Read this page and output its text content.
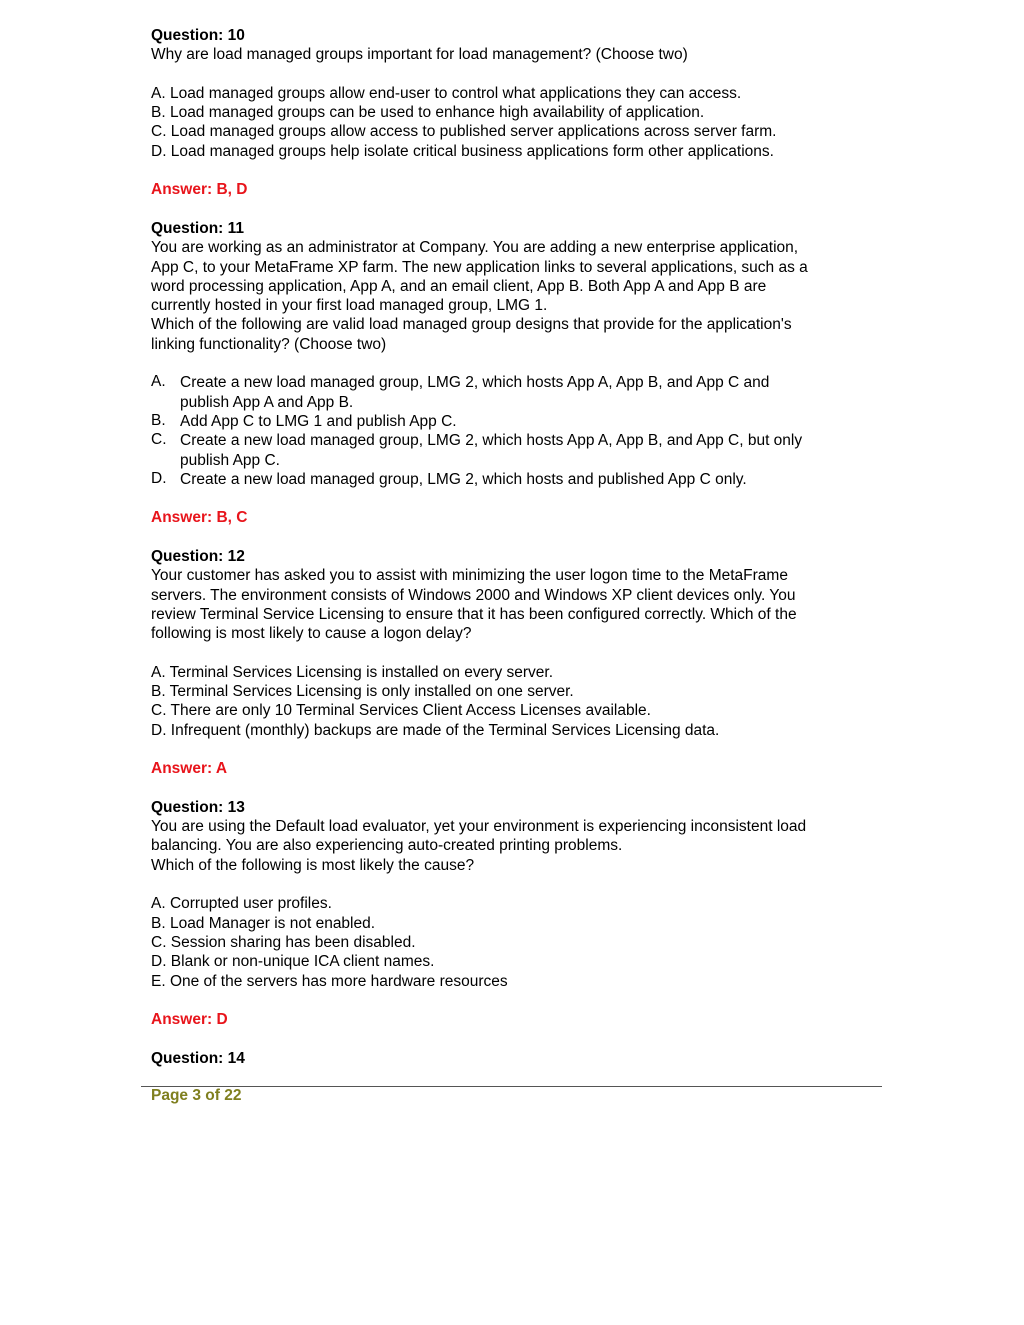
Question: 10
Why are load managed groups important for load management? (Choose two)
A. Load managed groups allow end-user to control what applications they can access.
B. Load managed groups can be used to enhance high availability of application.
C. Load managed groups allow access to published server applications across server farm.
D. Load managed groups help isolate critical business applications form other applications.
Answer: B, D
Question: 11
You are working as an administrator at Company. You are adding a new enterprise application,
App C, to your MetaFrame XP farm. The new application links to several applications, such as a
word processing application, App A, and an email client, App B. Both App A and App B are
currently hosted in your first load managed group, LMG 1.
Which of the following are valid load managed group designs that provide for the application's
linking functionality? (Choose two)
A. Create a new load managed group, LMG 2, which hosts App A, App B, and App C and
publish App A and App B.
B. Add App C to LMG 1 and publish App C.
C. Create a new load managed group, LMG 2, which hosts App A, App B, and App C, but only
publish App C.
D. Create a new load managed group, LMG 2, which hosts and published App C only.
Answer: B, C
Question: 12
Your customer has asked you to assist with minimizing the user logon time to the MetaFrame
servers. The environment consists of Windows 2000 and Windows XP client devices only. You
review Terminal Service Licensing to ensure that it has been configured correctly. Which of the
following is most likely to cause a logon delay?
A. Terminal Services Licensing is installed on every server.
B. Terminal Services Licensing is only installed on one server.
C. There are only 10 Terminal Services Client Access Licenses available.
D. Infrequent (monthly) backups are made of the Terminal Services Licensing data.
Answer: A
Question: 13
You are using the Default load evaluator, yet your environment is experiencing inconsistent load
balancing. You are also experiencing auto-created printing problems.
Which of the following is most likely the cause?
A. Corrupted user profiles.
B. Load Manager is not enabled.
C. Session sharing has been disabled.
D. Blank or non-unique ICA client names.
E. One of the servers has more hardware resources
Answer: D
Question: 14
Page 3 of 22
